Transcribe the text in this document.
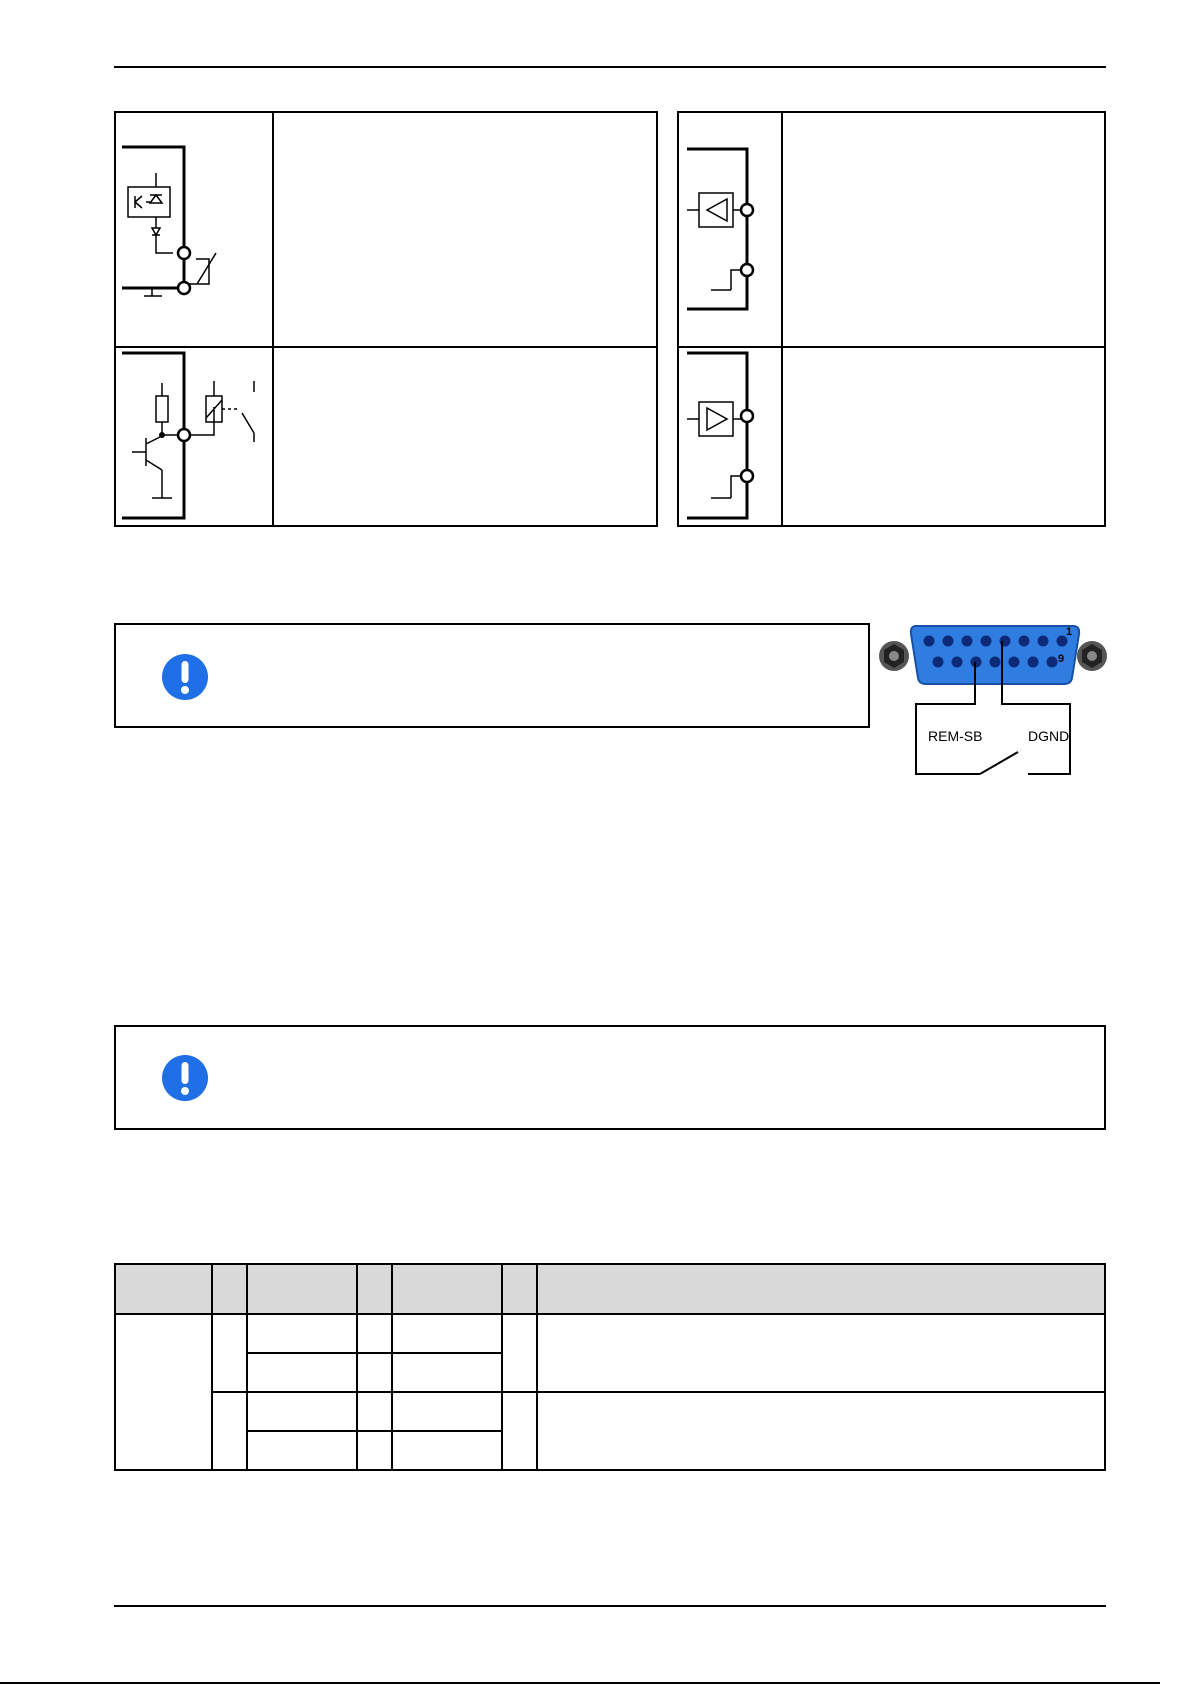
1
9
REM-SB	DGND
